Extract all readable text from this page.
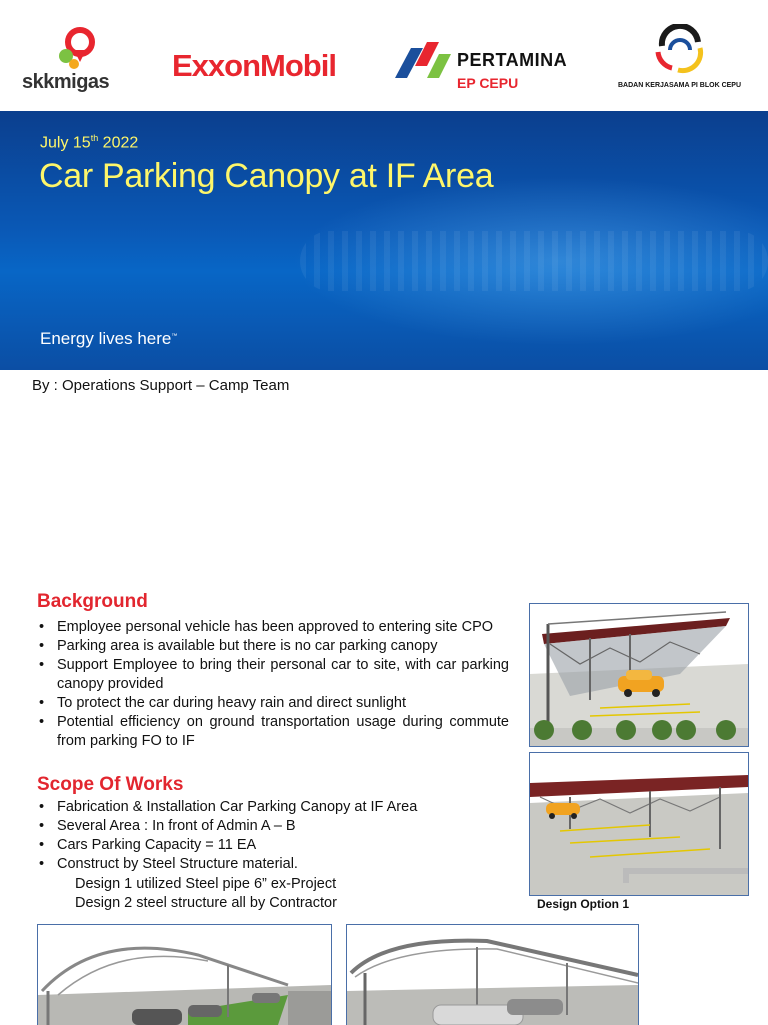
skkmigas ExxonMobil	PERTAMINA
EP CEPU	BADAN KERJASAMA PI BLOK CEPU
July 15th 2022
Car Parking Canopy at IF Area
Energy lives here™
By : Operations Support – Camp Team
Background
• Employee personal vehicle has been approved to entering site CPO
• Parking area is available but there is no car parking canopy
• Support Employee to bring their personal car to site, with car parking canopy provided
• To protect the car during heavy rain and direct sunlight
• Potential efficiency on ground transportation usage during commute from parking FO to IF
Scope Of Works
• Fabrication & Installation Car Parking Canopy at IF Area
• Several Area : In front of Admin A – B
• Cars Parking Capacity = 11 EA
• Construct by Steel Structure material.
Design 1 utilized Steel pipe 6” ex-Project
Design 2 steel structure all by Contractor	Design Option 1
